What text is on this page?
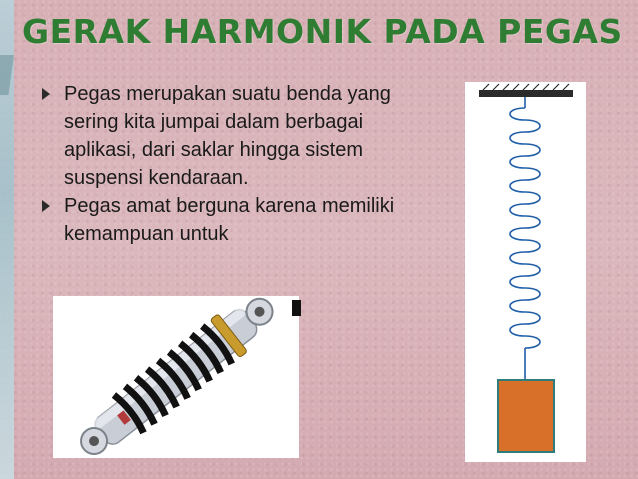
GERAK HARMONIK PADA PEGAS
Pegas merupakan suatu benda yang sering kita jumpai dalam berbagai aplikasi, dari saklar hingga sistem suspensi kendaraan.
Pegas amat berguna karena memiliki kemampuan untuk
